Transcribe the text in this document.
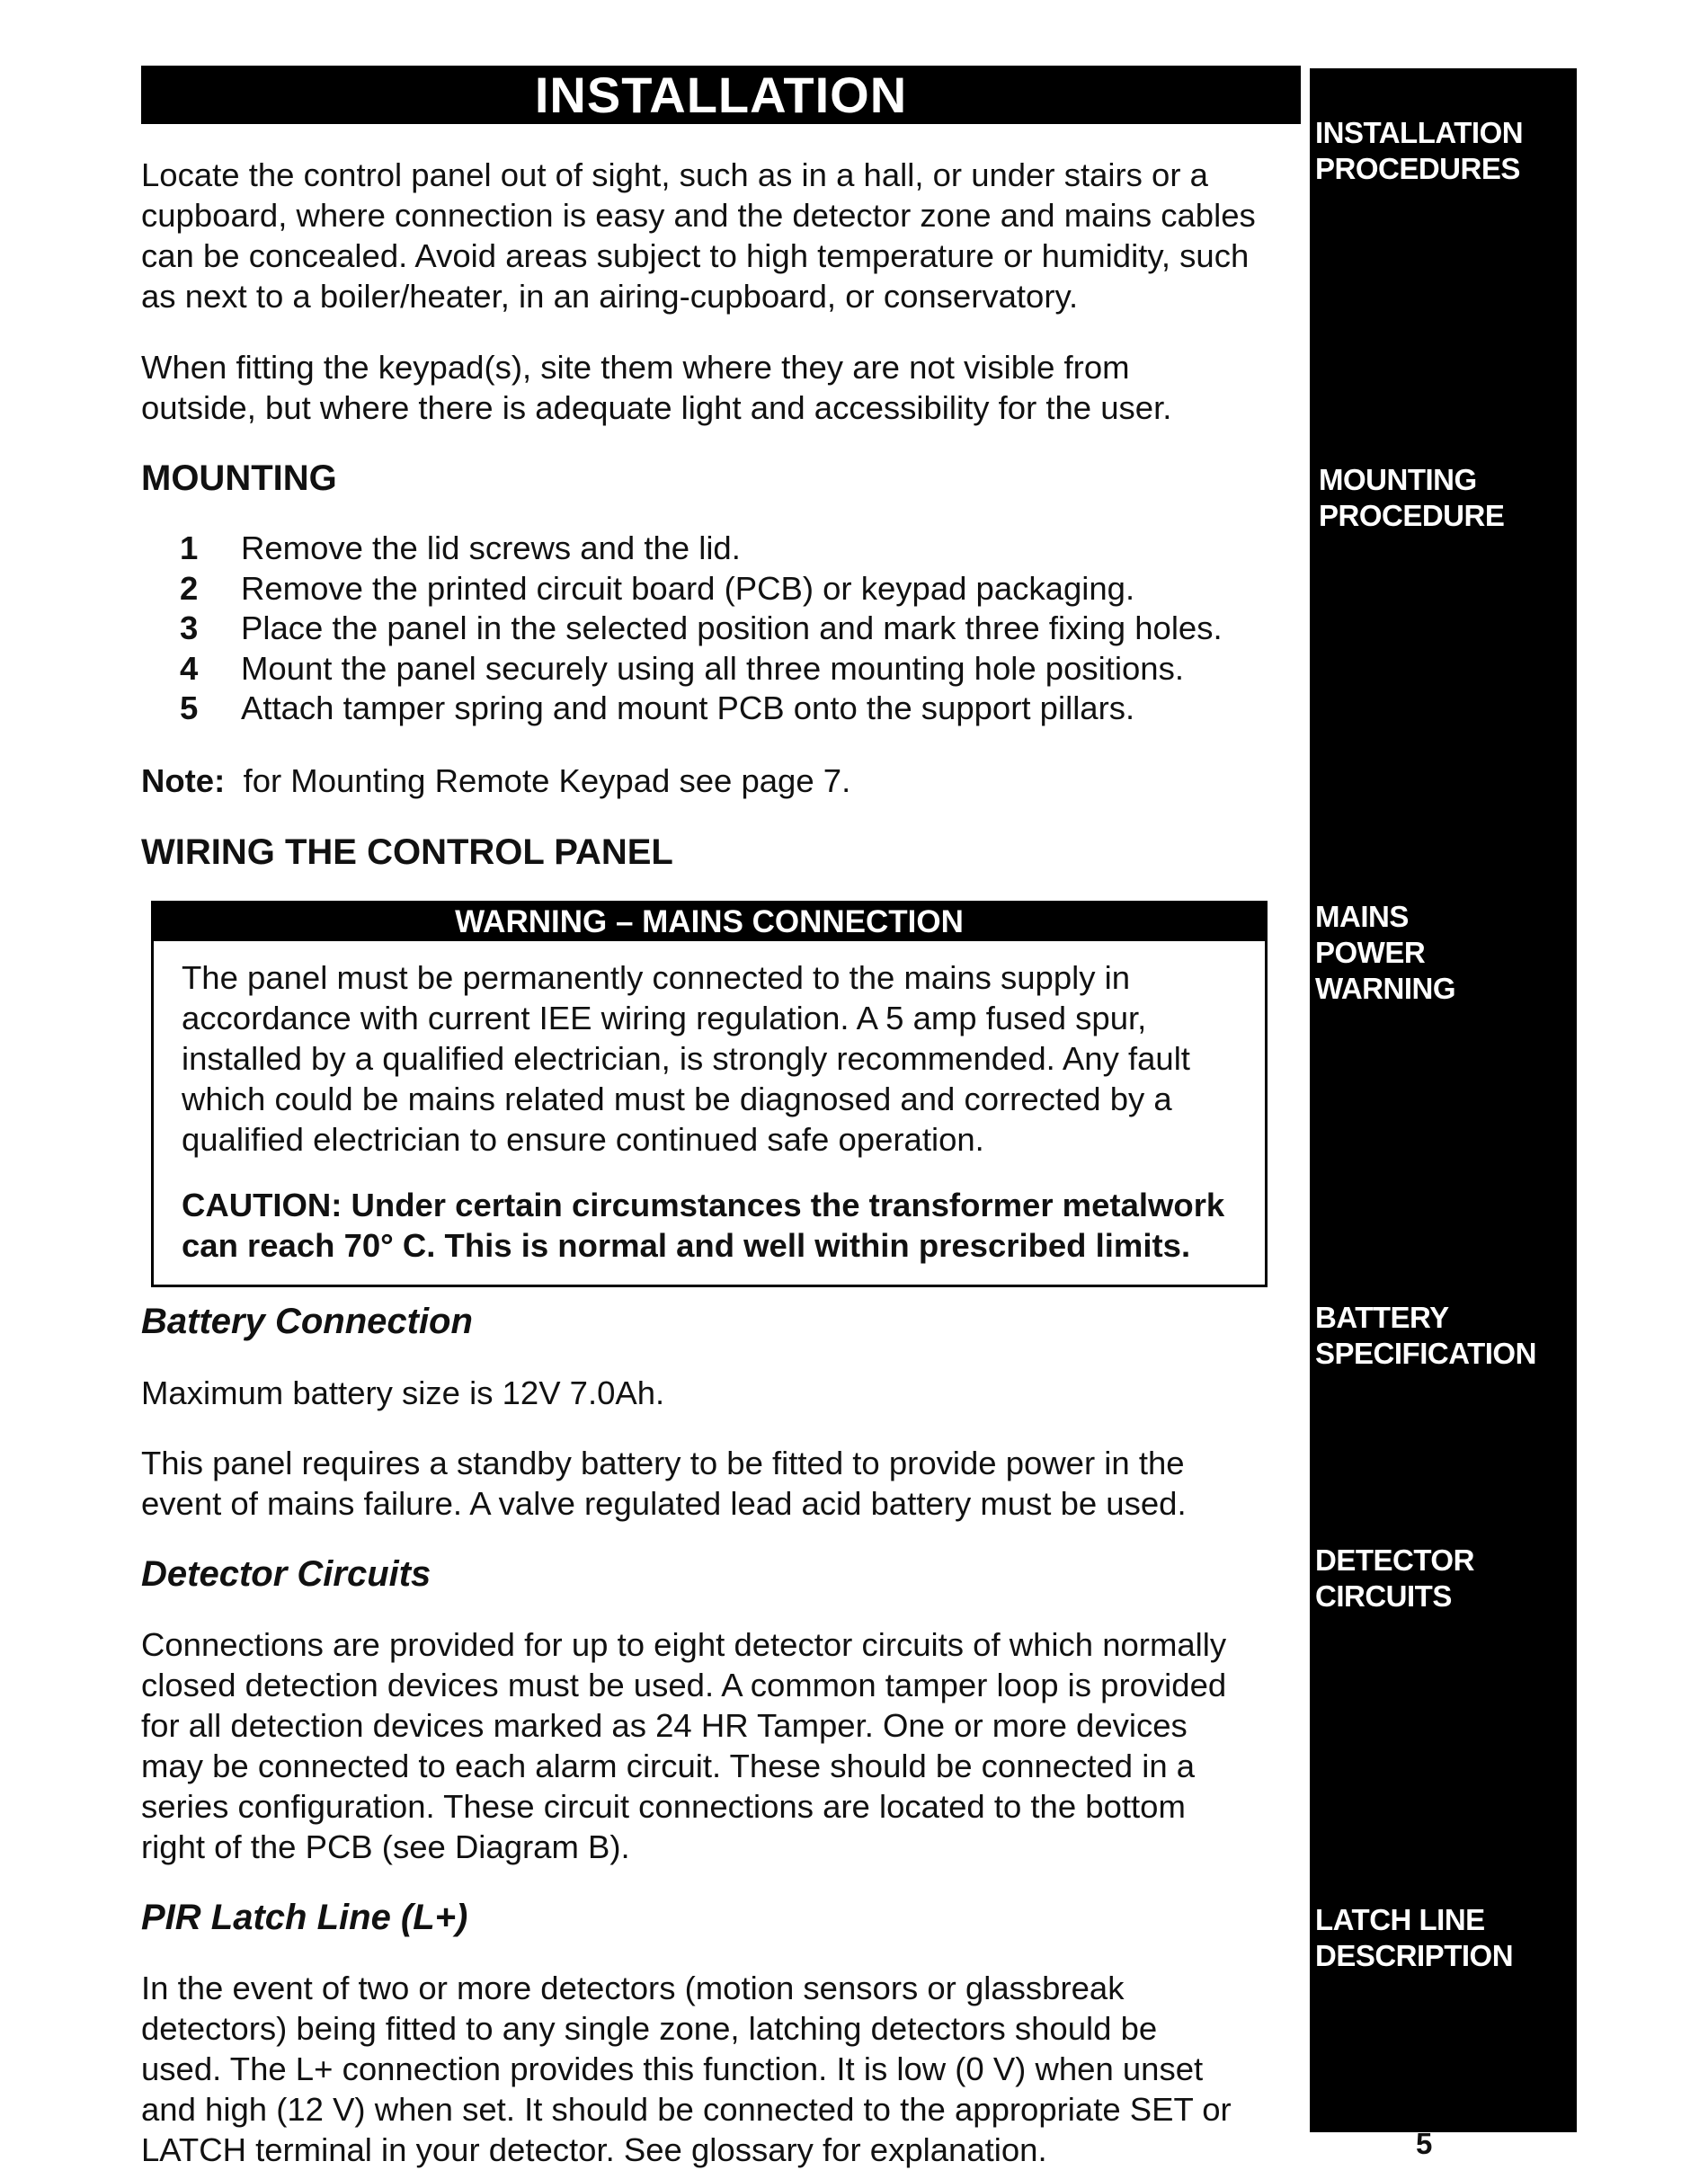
INSTALLATION
INSTALLATION
PROCEDURES
MOUNTING
PROCEDURE
MAINS
POWER
WARNING
BATTERY
SPECIFICATION
DETECTOR
CIRCUITS
LATCH LINE
DESCRIPTION

Locate the control panel out of sight, such as in a hall, or under stairs or a
cupboard, where connection is easy and the detector zone and mains cables
can be concealed. Avoid areas subject to high temperature or humidity, such
as next to a boiler/heater, in an airing-cupboard, or conservatory.

When fitting the keypad(s), site them where they are not visible from
outside, but where there is adequate light and accessibility for the user.

MOUNTING
1 Remove the lid screws and the lid.
2 Remove the printed circuit board (PCB) or keypad packaging.
3 Place the panel in the selected position and mark three fixing holes.
4 Mount the panel securely using all three mounting hole positions.
5 Attach tamper spring and mount PCB onto the support pillars.

Note: for Mounting Remote Keypad see page 7.

WIRING THE CONTROL PANEL
WARNING – MAINS CONNECTION

The panel must be permanently connected to the mains supply in
accordance with current IEE wiring regulation. A 5 amp fused spur,
installed by a qualified electrician, is strongly recommended. Any fault
which could be mains related must be diagnosed and corrected by a
qualified electrician to ensure continued safe operation.

CAUTION: Under certain circumstances the transformer metalwork
can reach 70° C. This is normal and well within prescribed limits.

Battery Connection

Maximum battery size is 12V 7.0Ah.

This panel requires a standby battery to be fitted to provide power in the
event of mains failure. A valve regulated lead acid battery must be used.

Detector Circuits

Connections are provided for up to eight detector circuits of which normally
closed detection devices must be used. A common tamper loop is provided
for all detection devices marked as 24 HR Tamper. One or more devices
may be connected to each alarm circuit. These should be connected in a
series configuration. These circuit connections are located to the bottom
right of the PCB (see Diagram B).

PIR Latch Line (L+)

In the event of two or more detectors (motion sensors or glassbreak
detectors) being fitted to any single zone, latching detectors should be
used. The L+ connection provides this function. It is low (0 V) when unset
and high (12 V) when set. It should be connected to the appropriate SET or
LATCH terminal in your detector. See glossary for explanation.	5
